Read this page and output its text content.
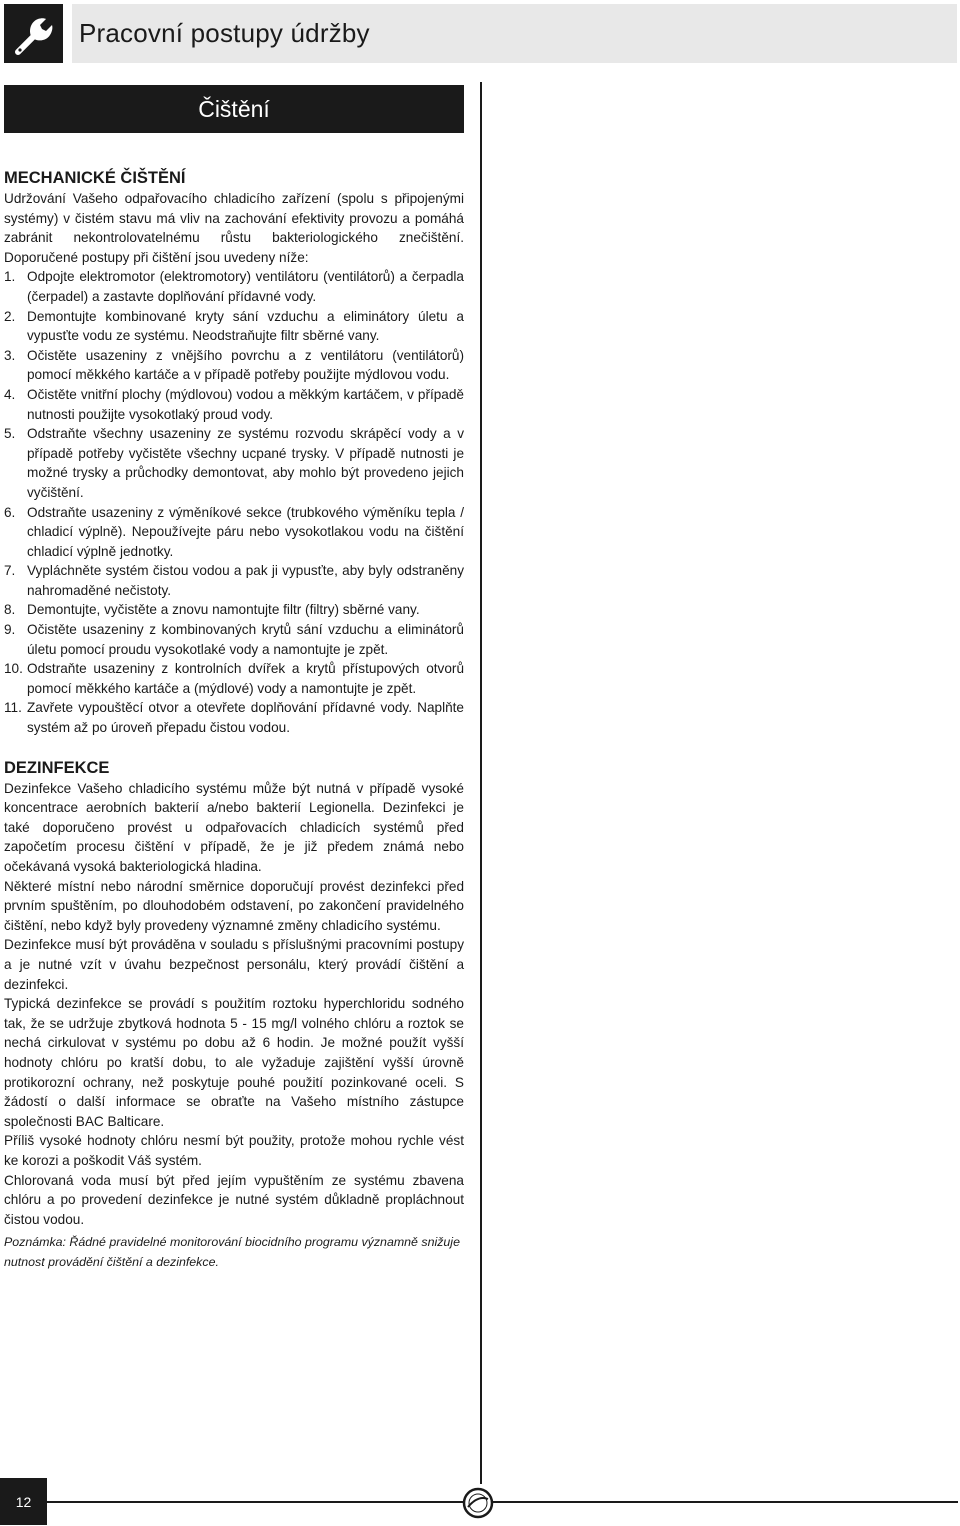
Pracovní postupy údržby
Čištění
MECHANICKÉ ČIŠTĚNÍ

Udržování Vašeho odpařovacího chladicího zařízení (spolu s připojenými systémy) v čistém stavu má vliv na zachování efektivity provozu a pomáhá zabránit nekontrolovatelnému růstu bakteriologického znečištění. Doporučené postupy při čištění jsou uvedeny níže:

1. Odpojte elektromotor (elektromotory) ventilátoru (ventilátorů) a čerpadla (čerpadel) a zastavte doplňování přídavné vody.
2. Demontujte kombinované kryty sání vzduchu a eliminátory úletu a vypusťte vodu ze systému. Neodstraňujte filtr sběrné vany.
3. Očistěte usazeniny z vnějšího povrchu a z ventilátoru (ventilátorů) pomocí měkkého kartáče a v případě potřeby použijte mýdlovou vodu.
4. Očistěte vnitřní plochy (mýdlovou) vodou a měkkým kartáčem, v případě nutnosti použijte vysokotlaký proud vody.
5. Odstraňte všechny usazeniny ze systému rozvodu skrápěcí vody a v případě potřeby vyčistěte všechny ucpané trysky. V případě nutnosti je možné trysky a průchodky demontovat, aby mohlo být provedeno jejich vyčištění.
6. Odstraňte usazeniny z výměníkové sekce (trubkového výměníku tepla / chladicí výplně). Nepoužívejte páru nebo vysokotlakou vodu na čištění chladicí výplně jednotky.
7. Vypláchněte systém čistou vodou a pak ji vypusťte, aby byly odstraněny nahromaděné nečistoty.
8. Demontujte, vyčistěte a znovu namontujte filtr (filtry) sběrné vany.
9. Očistěte usazeniny z kombinovaných krytů sání vzduchu a eliminátorů úletu pomocí proudu vysokotlaké vody a namontujte je zpět.
10. Odstraňte usazeniny z kontrolních dvířek a krytů přístupových otvorů pomocí měkkého kartáče a (mýdlové) vody a namontujte je zpět.
11. Zavřete vypouštěcí otvor a otevřete doplňování přídavné vody. Naplňte systém až po úroveň přepadu čistou vodou.
DEZINFEKCE

Dezinfekce Vašeho chladicího systému může být nutná v případě vysoké koncentrace aerobních bakterií a/nebo bakterií Legionella. Dezinfekci je také doporučeno provést u odpařovacích chladicích systémů před započetím procesu čištění v případě, že je již předem známá nebo očekávaná vysoká bakteriologická hladina.

Některé místní nebo národní směrnice doporučují provést dezinfekci před prvním spuštěním, po dlouhodobém odstavení, po zakončení pravidelného čištění, nebo když byly provedeny významné změny chladicího systému.

Dezinfekce musí být prováděna v souladu s příslušnými pracovními postupy a je nutné vzít v úvahu bezpečnost personálu, který provádí čištění a dezinfekci.

Typická dezinfekce se provádí s použitím roztoku hyperchloridu sodného tak, že se udržuje zbytková hodnota 5 - 15 mg/l volného chlóru a roztok se nechá cirkulovat v systému po dobu až 6 hodin. Je možné použít vyšší hodnoty chlóru po kratší dobu, to ale vyžaduje zajištění vyšší úrovně protikorozní ochrany, než poskytuje pouhé použití pozinkované oceli. S žádostí o další informace se obraťte na Vašeho místního zástupce společnosti BAC Balticare.

Příliš vysoké hodnoty chlóru nesmí být použity, protože mohou rychle vést ke korozi a poškodit Váš systém.

Chlorovaná voda musí být před jejím vypuštěním ze systému zbavena chlóru a po provedení dezinfekce je nutné systém důkladně propláchnout čistou vodou.

Poznámka: Řádné pravidelné monitorování biocidního programu významně snižuje nutnost provádění čištění a dezinfekce.

12
